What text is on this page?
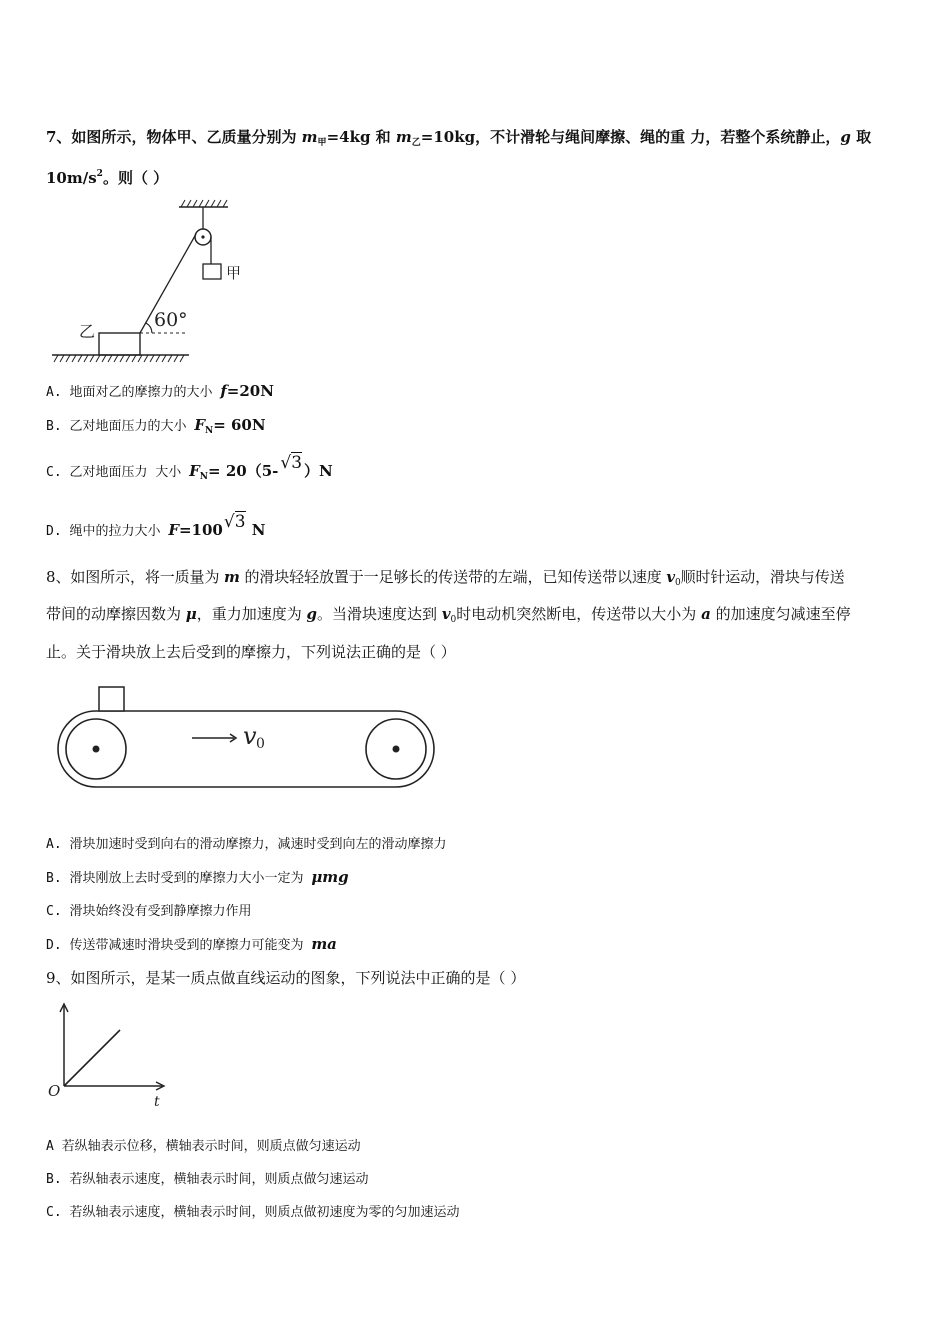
7、如图所示，物体甲、乙质量分别为 $m_甲=4kg$ 和 $m_乙=10kg$，不计滑轮与绳间摩擦、绳的重 力，若整个系统静止，g 取
$10m/s^2$。则（ ）
甲
60°
乙
A. 地面对乙的摩擦力的大小 f=20N
B. 乙对地面压力的大小 $F_N= 60N$
C. 乙对地面压力 大小 $F_N= 20(5-$ √3 ）N
D. 绳中的拉力大小 F=100√3 N
8、如图所示，将一质量为 m 的滑块轻轻放置于一足够长的传送带的左端，已知传送带以速度 $v_0$顺时针运动，滑块与传送
带间的动摩擦因数为 μ，重力加速度为 g。当滑块速度达到 $v_0$时电动机突然断电，传送带以大小为 a 的加速度匀减速至停
止。关于滑块放上去后受到的摩擦力，下列说法正确的是（ ）
v 0
A. 滑块加速时受到向右的滑动摩擦力，减速时受到向左的滑动摩擦力
B. 滑块刚放上去时受到的摩擦力大小一定为 μmg
C. 滑块始终没有受到静摩擦力作用
D. 传送带减速时滑块受到的摩擦力可能变为 ma
9、如图所示，是某一质点做直线运动的图象，下列说法中正确的是（ ）
O
t
A 若纵轴表示位移，横轴表示时间，则质点做匀速运动
B. 若纵轴表示速度，横轴表示时间，则质点做匀速运动
C. 若纵轴表示速度，横轴表示时间，则质点做初速度为零的匀加速运动
